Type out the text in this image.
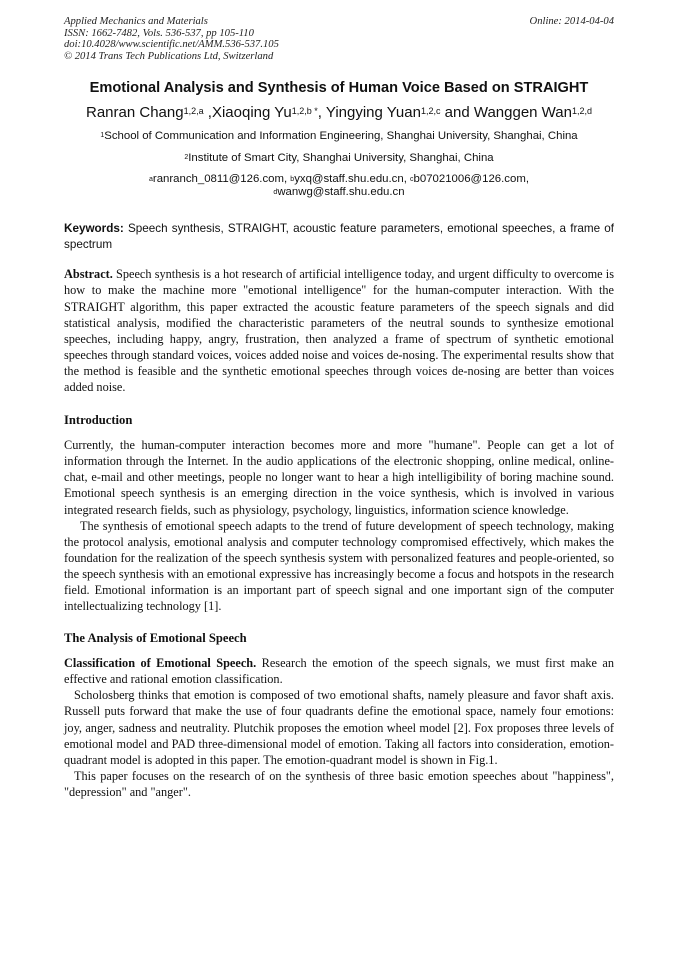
Applied Mechanics and Materials
ISSN: 1662-7482, Vols. 536-537, pp 105-110
doi:10.4028/www.scientific.net/AMM.536-537.105
© 2014 Trans Tech Publications Ltd, Switzerland
Online: 2014-04-04
Emotional Analysis and Synthesis of Human Voice Based on STRAIGHT
Ranran Chang$^{1,2,a}$ ,Xiaoqing $Yu^{1,2,b *}$, Yingying Yuan$^{1,2,c}$ and Wanggen Wan$^{1,2,d}$
$^1$School of Communication and Information Engineering, Shanghai University, Shanghai, China
$^2$Institute of Smart City, Shanghai University, Shanghai, China
$^a$ranranch_0811@126.com, $^b$yxq@staff.shu.edu.cn, $^c$b07021006@126.com,
$^d$wanwg@staff.shu.edu.cn
Keywords: Speech synthesis, STRAIGHT, acoustic feature parameters, emotional speeches, a frame of spectrum
Abstract. Speech synthesis is a hot research of artificial intelligence today, and urgent difficulty to overcome is how to make the machine more "emotional intelligence" for the human-computer interaction. With the STRAIGHT algorithm, this paper extracted the acoustic feature parameters of the speech signals and did statistical analysis, modified the characteristic parameters of the neutral sounds to synthesize emotional speeches, including happy, angry, frustration, then analyzed a frame of spectrum of synthetic emotional speeches through standard voices, voices added noise and voices de-nosing. The experimental results show that the method is feasible and the synthetic emotional speeches through voices de-nosing are better than voices added noise.
Introduction
Currently, the human-computer interaction becomes more and more "humane". People can get a lot of information through the Internet. In the audio applications of the electronic shopping, online medical, online-chat, e-mail and other meetings, people no longer want to hear a high intelligibility of boring machine sound. Emotional speech synthesis is an emerging direction in the voice synthesis, which is involved in various integrated research fields, such as physiology, psychology, linguistics, information science knowledge.
The synthesis of emotional speech adapts to the trend of future development of speech technology, making the protocol analysis, emotional analysis and computer technology compromised effectively, which makes the foundation for the realization of the speech synthesis system with personalized features and people-oriented, so the speech synthesis with an emotional expressive has increasingly become a focus and hotspots in the research field. Emotional information is an important part of speech signal and one important sign of the computer intellectualizing technology [1].
The Analysis of Emotional Speech
Classification of Emotional Speech. Research the emotion of the speech signals, we must first make an effective and rational emotion classification.
Scholosberg thinks that emotion is composed of two emotional shafts, namely pleasure and favor shaft axis. Russell puts forward that make the use of four quadrants define the emotional space, namely four emotions: joy, anger, sadness and neutrality. Plutchik proposes the emotion wheel model [2]. Fox proposes three levels of emotional model and PAD three-dimensional model of emotion. Taking all factors into consideration, emotion-quadrant model is adopted in this paper. The emotion-quadrant model is shown in Fig.1.
This paper focuses on the research of on the synthesis of three basic emotion speeches about "happiness", "depression" and "anger".
